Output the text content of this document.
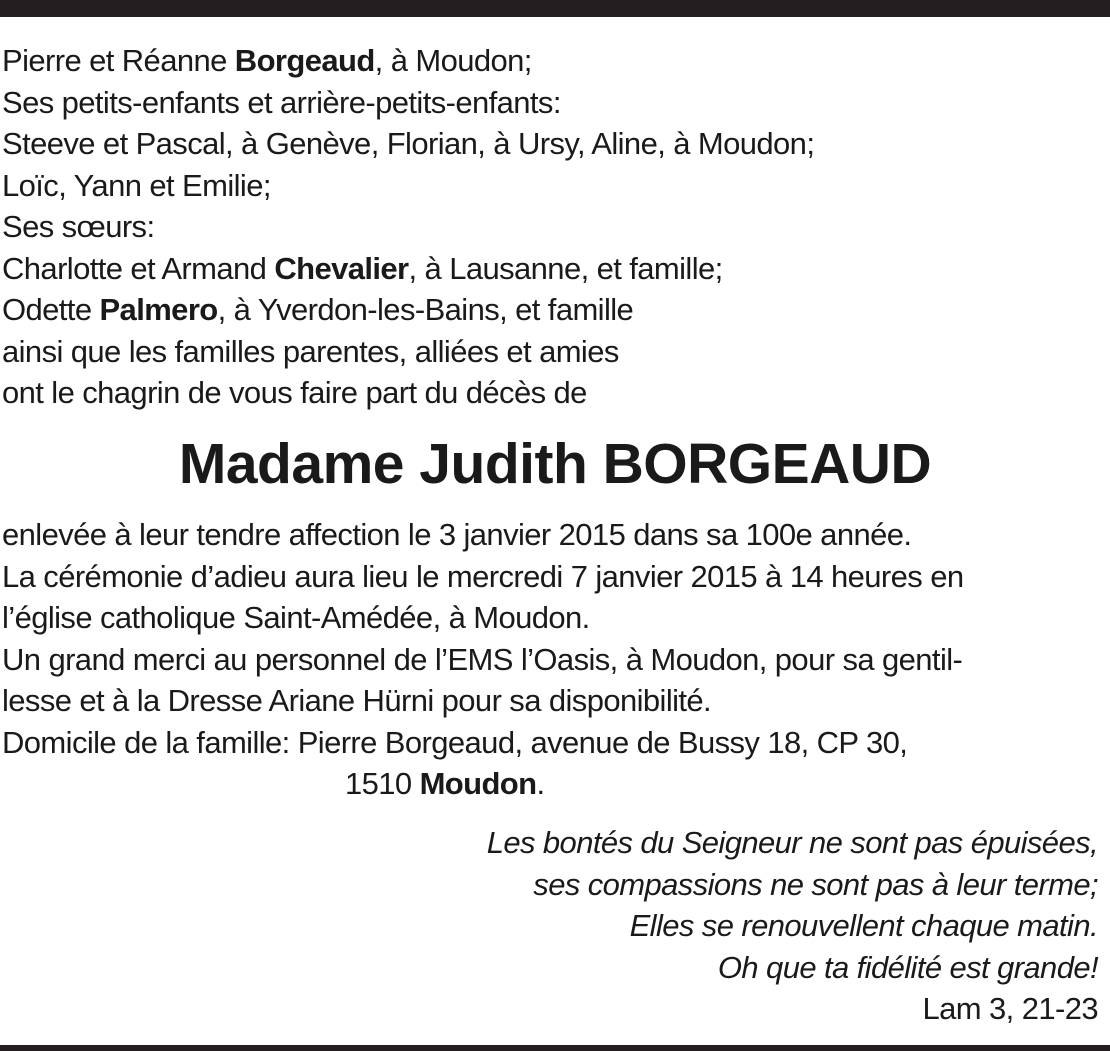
Pierre et Réanne Borgeaud, à Moudon;
Ses petits-enfants et arrière-petits-enfants:
Steeve et Pascal, à Genève, Florian, à Ursy, Aline, à Moudon;
Loïc, Yann et Emilie;
Ses sœurs:
Charlotte et Armand Chevalier, à Lausanne, et famille;
Odette Palmero, à Yverdon-les-Bains, et famille
ainsi que les familles parentes, alliées et amies
ont le chagrin de vous faire part du décès de
Madame Judith BORGEAUD
enlevée à leur tendre affection le 3 janvier 2015 dans sa 100e année.
La cérémonie d’adieu aura lieu le mercredi 7 janvier 2015 à 14 heures en
l’église catholique Saint-Amédée, à Moudon.
Un grand merci au personnel de l’EMS l’Oasis, à Moudon, pour sa gentil-
lesse et à la Dresse Ariane Hürni pour sa disponibilité.
Domicile de la famille: Pierre Borgeaud, avenue de Bussy 18, CP 30,
1510 Moudon.
Les bontés du Seigneur ne sont pas épuisées,
ses compassions ne sont pas à leur terme;
Elles se renouvellent chaque matin.
Oh que ta fidélité est grande!
Lam 3, 21-23
